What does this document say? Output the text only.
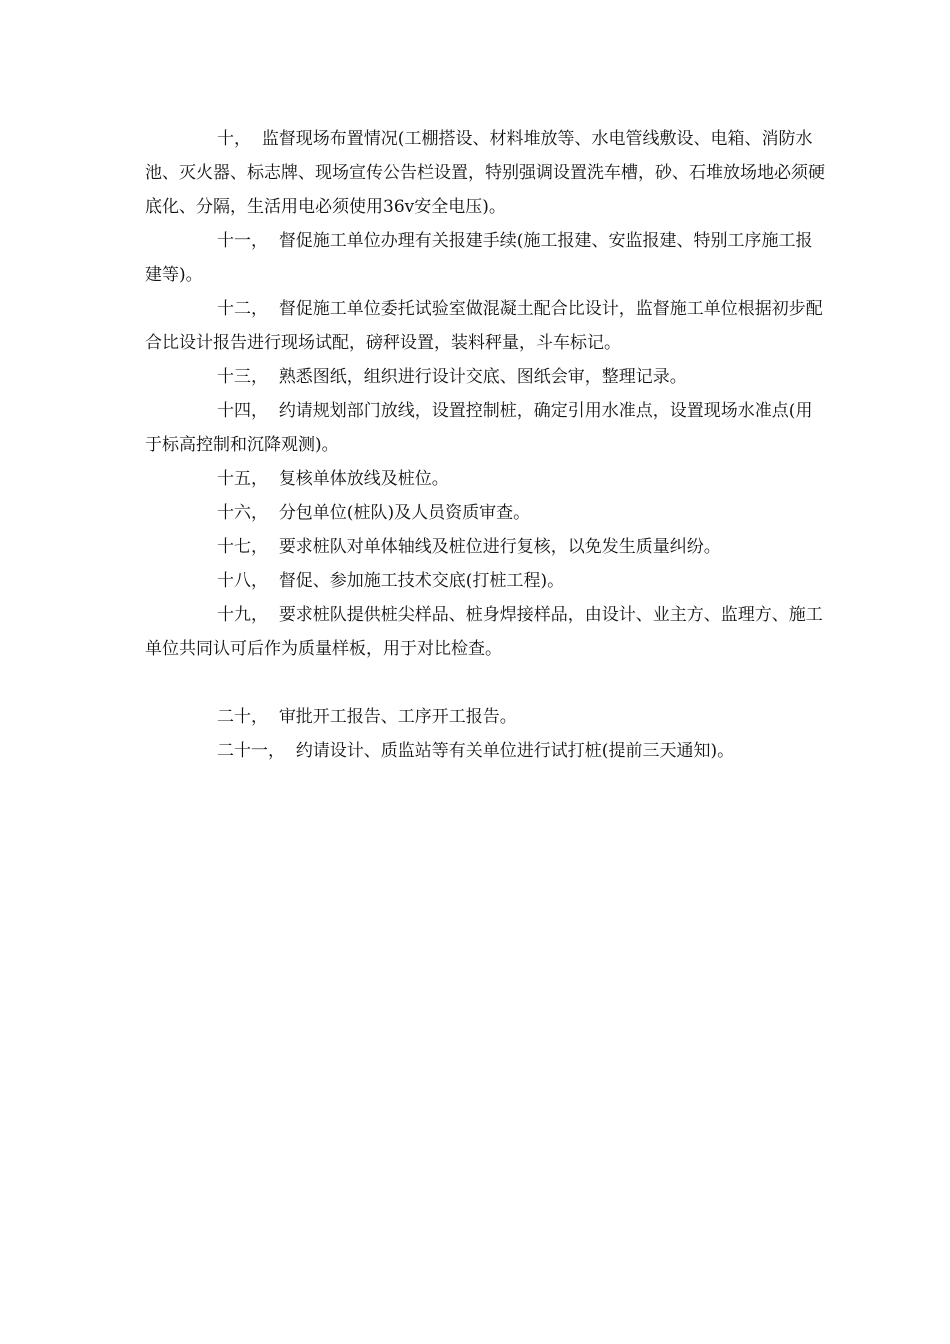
十， 监督现场布置情况(工棚搭设、材料堆放等、水电管线敷设、电箱、消防水池、灭火器、标志牌、现场宣传公告栏设置，特别强调设置洗车槽，砂、石堆放场地必须硬底化、分隔，生活用电必须使用36v安全电压)。

十一， 督促施工单位办理有关报建手续(施工报建、安监报建、特别工序施工报建等)。

十二， 督促施工单位委托试验室做混凝土配合比设计，监督施工单位根据初步配合比设计报告进行现场试配，磅秤设置，装料秤量，斗车标记。

十三， 熟悉图纸，组织进行设计交底、图纸会审，整理记录。

十四， 约请规划部门放线，设置控制桩，确定引用水准点，设置现场水准点(用于标高控制和沉降观测)。

十五， 复核单体放线及桩位。

十六， 分包单位(桩队)及人员资质审查。

十七， 要求桩队对单体轴线及桩位进行复核，以免发生质量纠纷。

十八， 督促、参加施工技术交底(打桩工程)。

十九， 要求桩队提供桩尖样品、桩身焊接样品，由设计、业主方、监理方、施工单位共同认可后作为质量样板，用于对比检查。

二十， 审批开工报告、工序开工报告。

二十一， 约请设计、质监站等有关单位进行试打桩(提前三天通知)。
